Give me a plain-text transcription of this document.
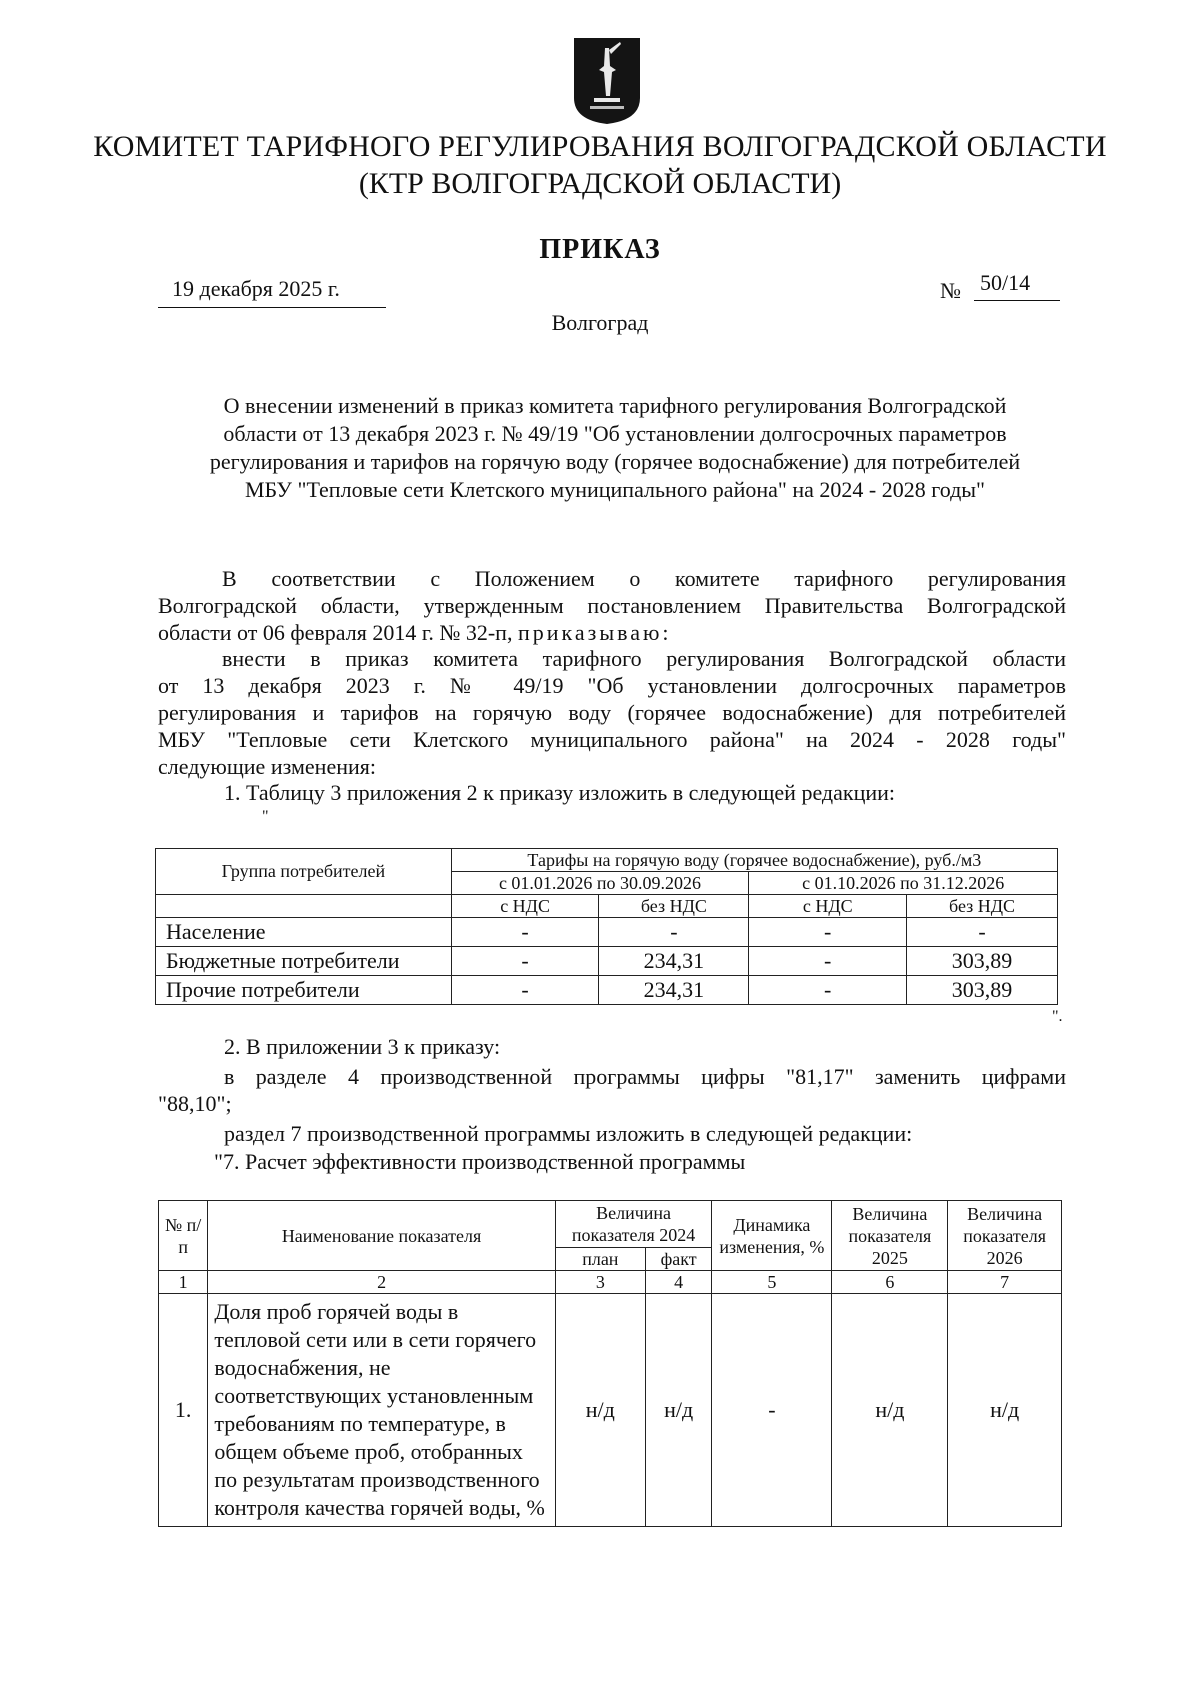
КОМИТЕТ ТАРИФНОГО РЕГУЛИРОВАНИЯ ВОЛГОГРАДСКОЙ ОБЛАСТИ
(КТР ВОЛГОГРАДСКОЙ ОБЛАСТИ)
ПРИКАЗ
19 декабря 2025 г.	№ 50/14
Волгоград
О внесении изменений в приказ комитета тарифного регулирования Волгоградской
области от 13 декабря 2023 г. № 49/19 "Об установлении долгосрочных параметров
регулирования и тарифов на горячую воду (горячее водоснабжение) для потребителей
МБУ "Тепловые сети Клетского муниципального района" на 2024 - 2028 годы"
В соответствии с Положением о комитете тарифного регулирования
Волгоградской области, утвержденным постановлением Правительства Волгоградской
области от 06 февраля 2014 г. № 32-п, приказываю:
внести в приказ комитета тарифного регулирования Волгоградской области
от 13 декабря 2023 г. № 49/19 "Об установлении долгосрочных параметров
регулирования и тарифов на горячую воду (горячее водоснабжение) для потребителей
МБУ "Тепловые сети Клетского муниципального района" на 2024 - 2028 годы"
следующие изменения:
1. Таблицу 3 приложения 2 к приказу изложить в следующей редакции:
"
Группа потребителей	Тарифы на горячую воду (горячее водоснабжение), руб./м3			
	с 01.01.2026 по 30.09.2026		с 01.10.2026 по 31.12.2026	
	с НДС	без НДС	с НДС	без НДС
Население	-	-	-	-
Бюджетные потребители	-	234,31	-	303,89
Прочие потребители	-	234,31	-	303,89
".
2. В приложении 3 к приказу:
в разделе 4 производственной программы цифры "81,17" заменить цифрами
"88,10";
раздел 7 производственной программы изложить в следующей редакции:
"7. Расчет эффективности производственной программы
№ п/п	Наименование показателя	Величина показателя 2024		Динамика изменения, %	Величина показателя 2025	Величина показателя 2026
		план	факт			
1	2	3	4	5	6	7
1.	Доля проб горячей воды в тепловой сети или в сети горячего водоснабжения, не соответствующих установленным требованиям по температуре, в общем объеме проб, отобранных по результатам производственного контроля качества горячей воды, %	н/д	н/д	-	н/д	н/д
